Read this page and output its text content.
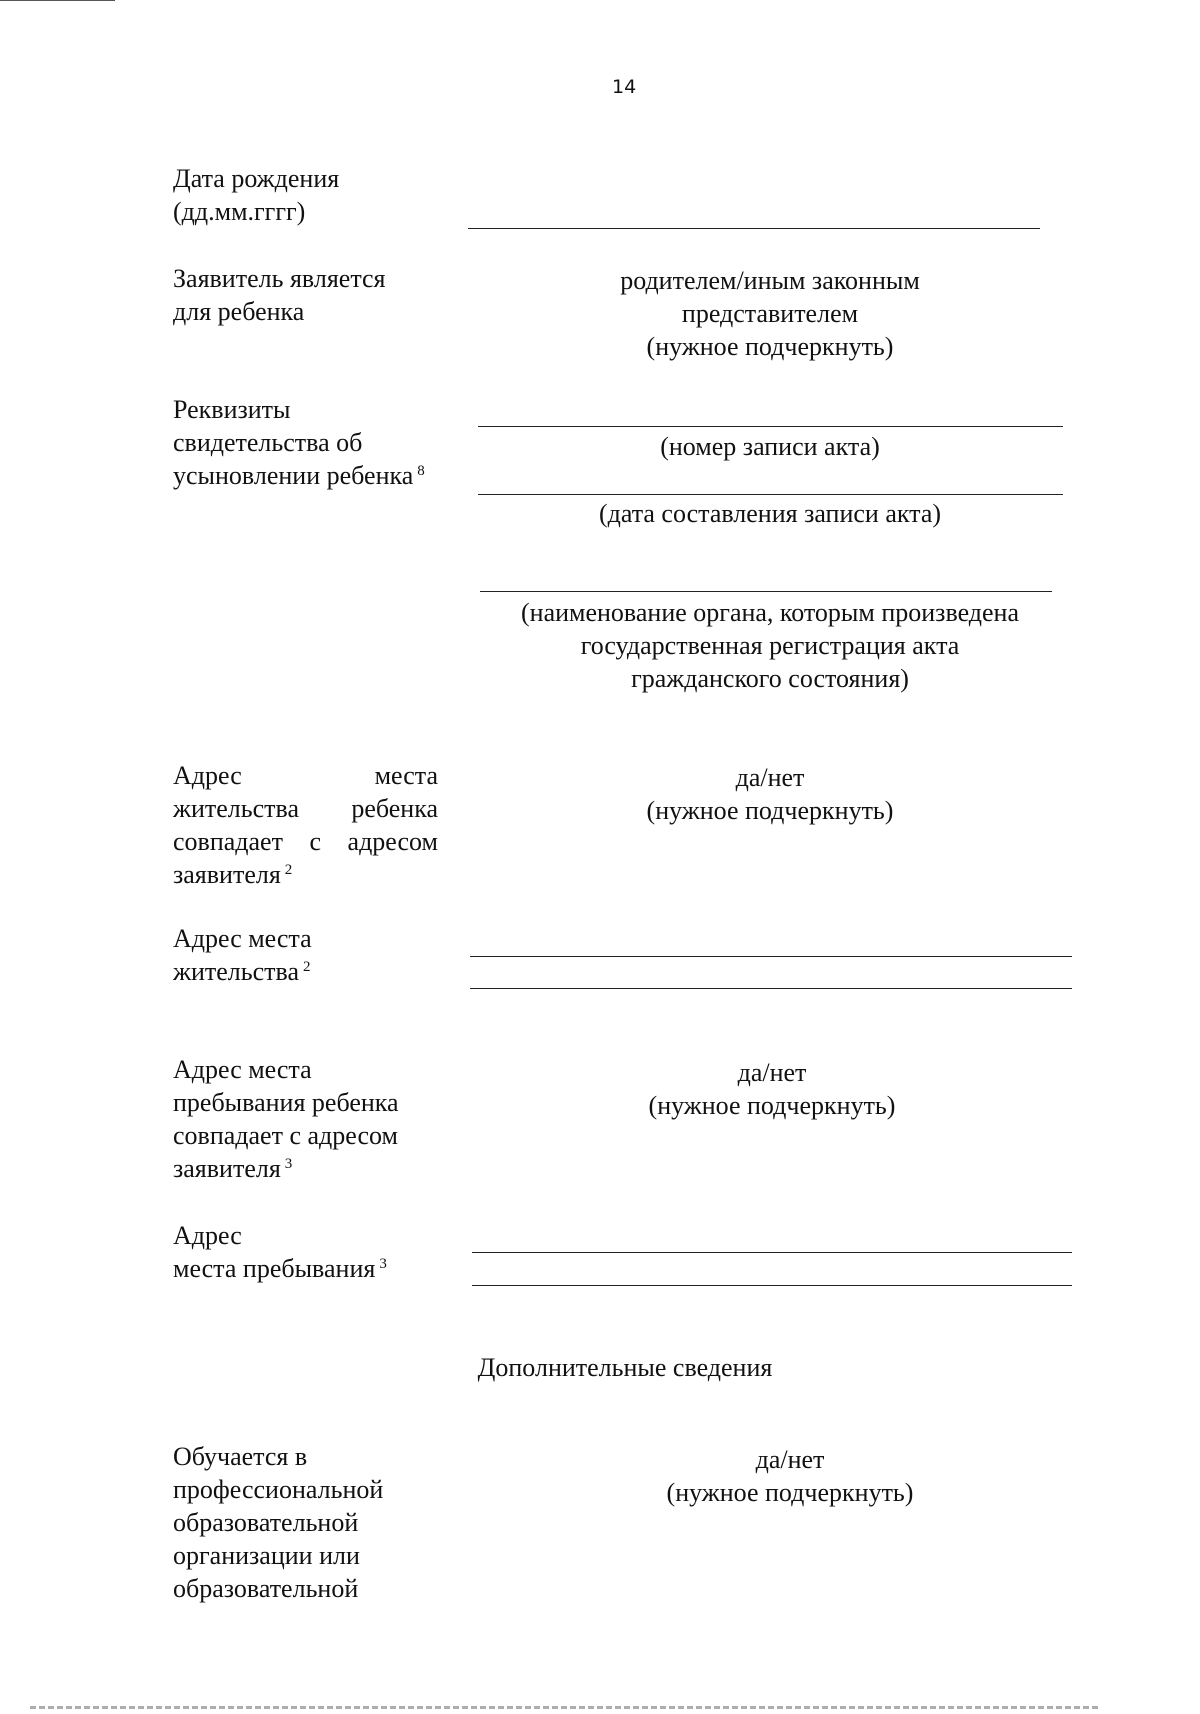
14
Дата рождения
(дд.мм.гггг)
Заявитель является
для ребенка
родителем/иным законным
представителем
(нужное подчеркнуть)
Реквизиты
свидетельства об
усыновлении ребенка $^8$
(номер записи акта)
(дата составления записи акта)
(наименование органа, которым произведена
государственная регистрация акта
гражданского состояния)
Адрес	места
жительства ребенка
совпадает с адресом
заявителя $^2$
да/нет
(нужное подчеркнуть)
Адрес места
жительства $^2$
Адрес места
пребывания ребенка
совпадает с адресом
заявителя $^3$
да/нет
(нужное подчеркнуть)
Адрес
места пребывания $^3$
Дополнительные сведения
Обучается в
профессиональной
образовательной
организации или
образовательной
да/нет
(нужное подчеркнуть)
